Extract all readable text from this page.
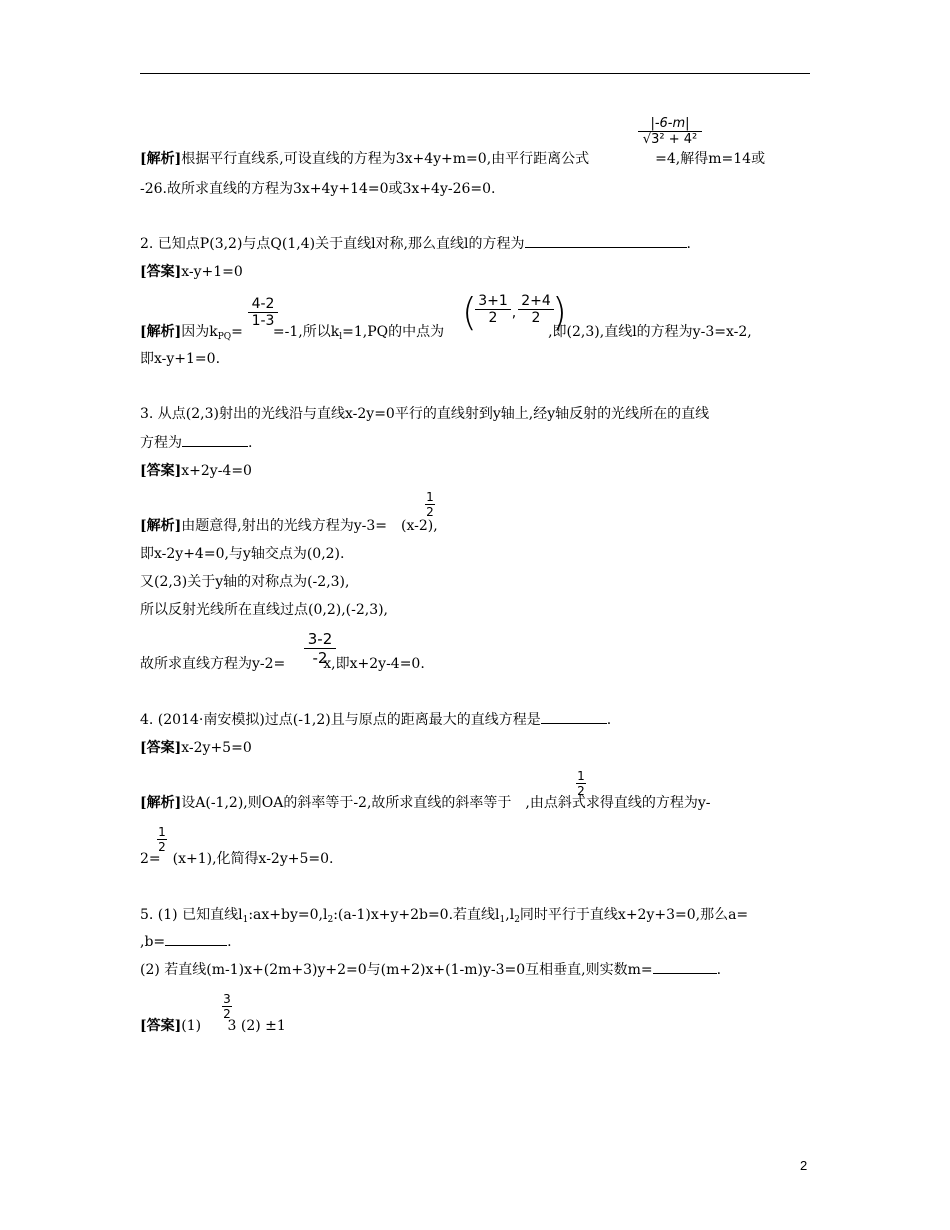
|-6-m|
√3² + 4²
[解析]根据平行直线系,可设直线的方程为3x+4y+m=0,由平行距离公式	=4,解得m=14或
-26.故所求直线的方程为3x+4y+14=0或3x+4y-26=0.
2. 已知点P(3,2)与点Q(1,4)关于直线l对称,那么直线l的方程为	.
[答案]x-y+1=0
4-2
1-3	( 3+1
2	,
2+4
2 )
[解析]因为$k_{PQ}= =-1$,所以$k_l=1,PQ$的中点为	,即(2,3),直线l的方程为y-3=x-2,
即x-y+1=0.
3. 从点(2,3)射出的光线沿与直线x-2y=0平行的直线射到y轴上,经y轴反射的光线所在的直线
方程为	.
[答案]x+2y-4=0
1
2
[解析]由题意得,射出的光线方程为y-3= (x-2),
即x-2y+4=0,与y轴交点为(0,2).
又(2,3)关于y轴的对称点为(-2,3),
所以反射光线所在直线过点(0,2),(-2,3),
3-2
-2
故所求直线方程为y-2=	x,即x+2y-4=0.
4. (2014·南安模拟)过点(-1,2)且与原点的距离最大的直线方程是	.
[答案]x-2y+5=0
1
2
[解析]设A(-1,2),则OA的斜率等于-2,故所求直线的斜率等于 ,由点斜式求得直线的方程为y-
1
2
2= (x+1),化简得x-2y+5=0.
5. (1) 已知直线$l_1:ax+by=0,l_2:(a-1)x+y+2b=0$.若直线$l_1,l_2$同时平行于直线x+2y+3=0,那么a=
,b=	.
(2) 若直线(m-1)x+(2m+3)y+2=0与(m+2)x+(1-m)y-3=0互相垂直,则实数m=	.
3
2
[答案](1) 3 (2) ±1
2
